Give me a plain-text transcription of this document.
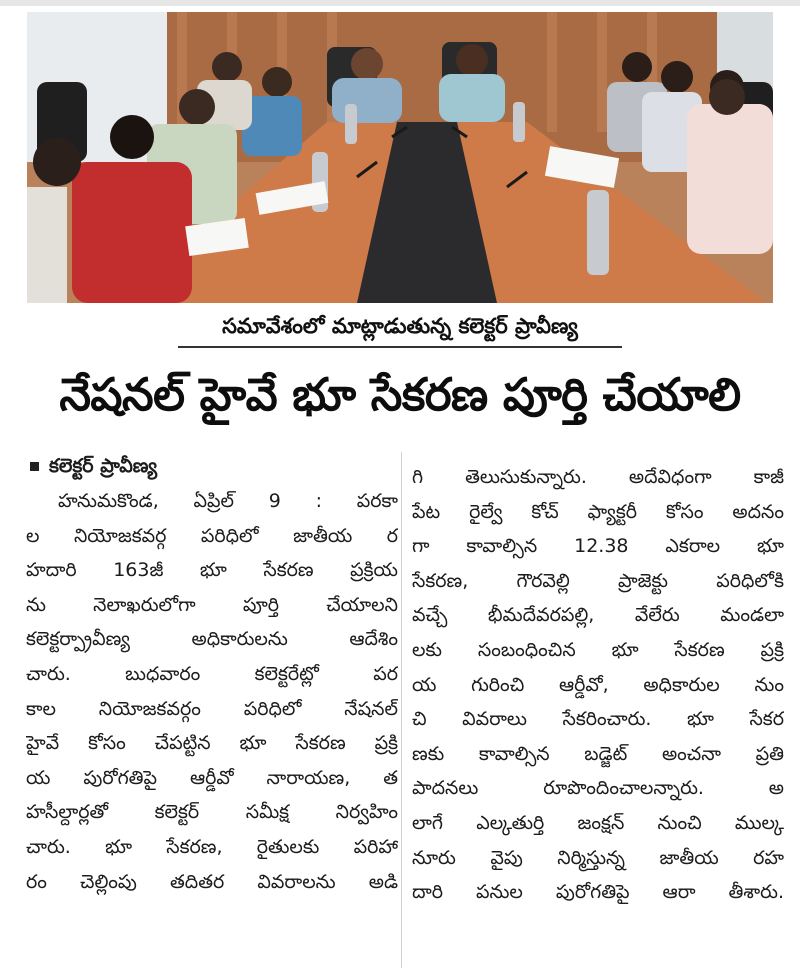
సమావేశంలో మాట్లాడుతున్న కలెక్టర్ ప్రావీణ్య
నేషనల్ హైవే భూ సేకరణ పూర్తి చేయాలి
కలెక్టర్ ప్రావీణ్య
హనుమకొండ, ఏప్రిల్ 9 : పరకా
ల నియోజకవర్గ పరిధిలో జాతీయ ర
హదారి 163జీ భూ సేకరణ ప్రక్రియ
ను నెలాఖరులోగా పూర్తి చేయాలని
కలెక్టర్ప్రావీణ్య అధికారులను ఆదేశిం
చారు. బుధవారం కలెక్టరేట్లో పర
కాల నియోజకవర్గం పరిధిలో నేషనల్
హైవే కోసం చేపట్టిన భూ సేకరణ ప్రక్రి
య పురోగతిపై ఆర్డీవో నారాయణ, త
హసీల్దార్లతో కలెక్టర్ సమీక్ష నిర్వహిం
చారు. భూ సేకరణ, రైతులకు పరిహా
రం చెల్లింపు తదితర వివరాలను అడి
గి తెలుసుకున్నారు. అదేవిధంగా కాజీ
పేట రైల్వే కోచ్ ఫ్యాక్టరీ కోసం అదనం
గా కావాల్సిన 12.38 ఎకరాల భూ
సేకరణ, గౌరవెల్లి ప్రాజెక్టు పరిధిలోకి
వచ్చే భీమదేవరపల్లి, వేలేరు మండలా
లకు సంబంధించిన భూ సేకరణ ప్రక్రి
య గురించి ఆర్డీవో, అధికారుల నుం
చి వివరాలు సేకరించారు. భూ సేకర
ణకు కావాల్సిన బడ్జెట్ అంచనా ప్రతి
పాదనలు రూపొందించాలన్నారు. అ
లాగే ఎల్కతుర్తి జంక్షన్ నుంచి ముల్క
నూరు వైపు నిర్మిస్తున్న జాతీయ రహ
దారి పనుల పురోగతిపై ఆరా తీశారు.
